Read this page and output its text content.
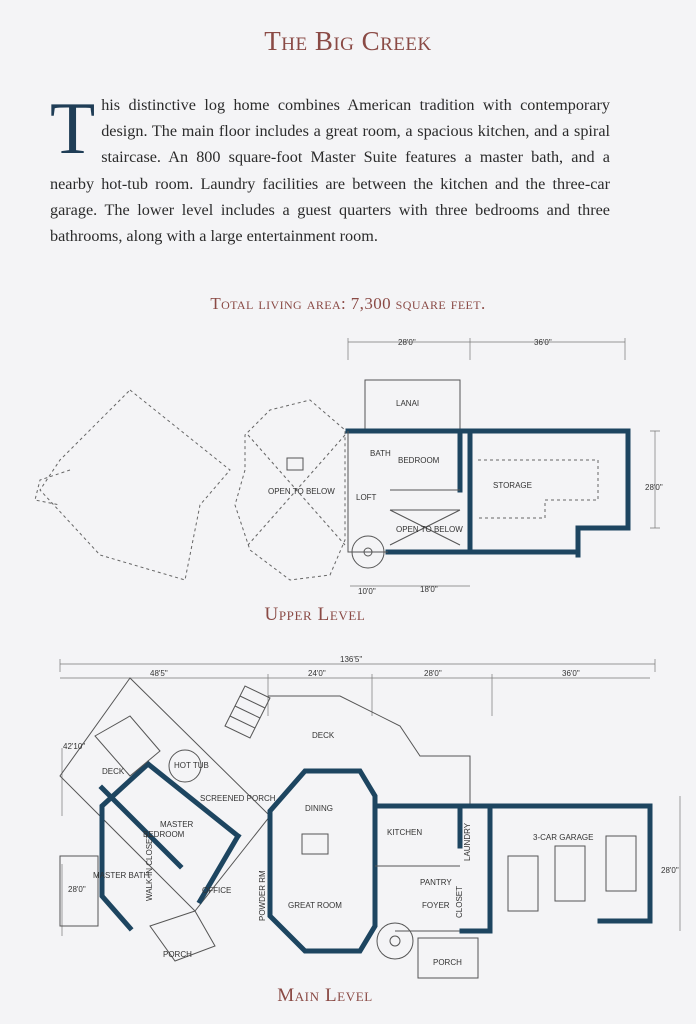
The Big Creek

This distinctive log home combines American tradition with contemporary design. The main floor includes a great room, a spacious kitchen, and a spiral staircase. An 800 square-foot Master Suite features a master bath, and a nearby hot-tub room. Laundry facilities are between the kitchen and the three-car garage. The lower level includes a guest quarters with three bedrooms and three bathrooms, along with a large entertainment room.

Total living area: 7,300 square feet.
LANAI
BATH
BEDROOM
STORAGE
LOFT
OPEN TO BELOW
OPEN TO BELOW
28'0"	36'0"
28'0"
10'0"	18'0"
Upper Level
DECK
HOT TUB
SCREENED PORCH
DECK
DINING
KITCHEN	LAUNDRY	3-CAR GARAGE
MASTER
BEDROOM
MASTER BATH
WALK-IN CLOSET	OFFICE	POWDER RM	GREAT ROOM
PANTRY
FOYER
PORCH
PORCH
CLOSET
136'5"
48'5"	24'0"	28'0"	36'0"
42'10"
28'0"
28'0"
Main Level
